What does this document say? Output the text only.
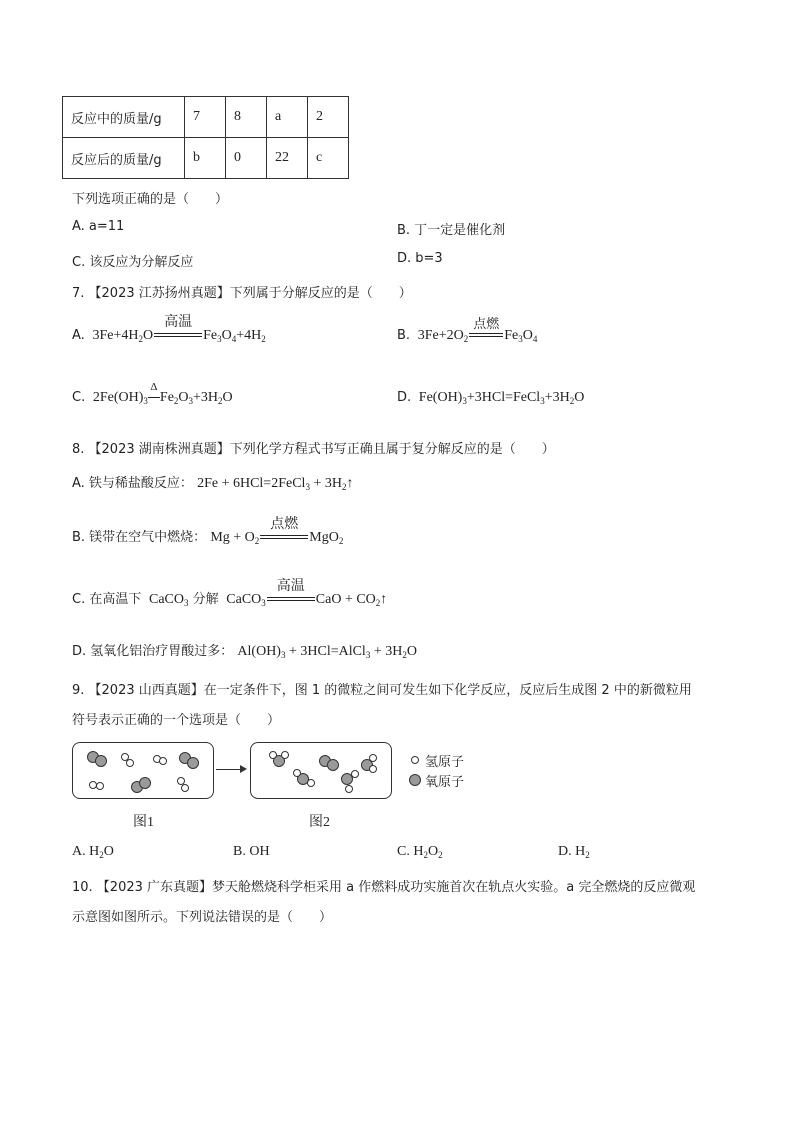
反应中的质量/g	7	8	a	2
反应后的质量/g	b	0	22	c
下列选项正确的是（　　）
A. a=11	B. 丁一定是催化剂
C. 该反应为分解反应	D. b=3
7. 【2023 江苏扬州真题】下列属于分解反应的是（　　）
A.  $3Fe+4H_2O$
高温
$Fe_3O_4+4H_2$	B.  $3Fe+2O_2$
点燃
$Fe_3O_4$
C.  $2Fe(OH)_3$
Δ
$Fe_2O_3+3H_2O$	D.  $Fe(OH)_3+3HCl=FeCl_3+3H_2O$
8. 【2023 湖南株洲真题】下列化学方程式书写正确且属于复分解反应的是（　　）
A. 铁与稀盐酸反应： 2Fe + 6HCl=2FeCl$_3$ + $3H_2↑$
B. 镁带在空气中燃烧： $Mg + O_2$
点燃
MgO$_2$
C. 在高温下  CaCO$_3$ 分解  CaCO$_3$
高温
CaO + $CO_2↑$
D. 氢氧化铝治疗胃酸过多： $Al(OH)_3$ + 3HCl=AlCl$_3$ + $3H_2O$
9. 【2023 山西真题】在一定条件下，图 1 的微粒之间可发生如下化学反应，反应后生成图 2 中的新微粒用
符号表示正确的一个选项是（　　）
氢原子
氧原子
图1	图2
A. $H_2O$	B. OH	C. $H_2O_2$	D. $H_2$
10. 【2023 广东真题】梦天舱燃烧科学柜采用 a 作燃料成功实施首次在轨点火实验。a 完全燃烧的反应微观
示意图如图所示。下列说法错误的是（　　）
